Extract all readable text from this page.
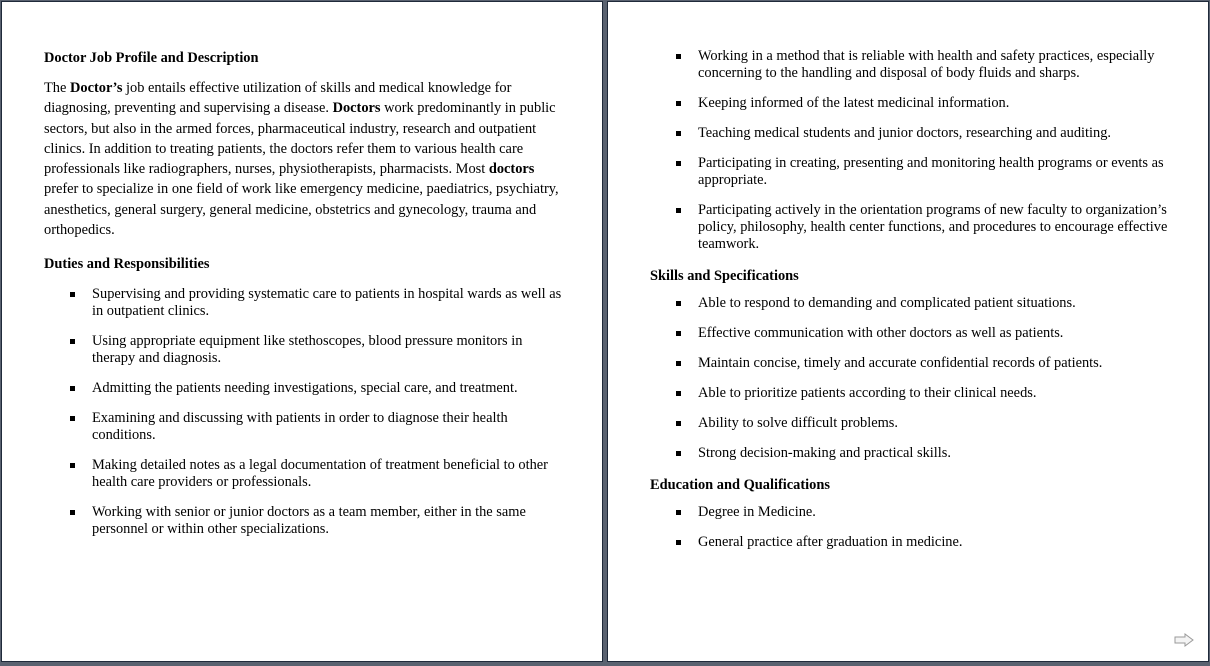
Doctor Job Profile and Description

The Doctor’s job entails effective utilization of skills and medical knowledge for diagnosing, preventing and supervising a disease. Doctors work predominantly in public sectors, but also in the armed forces, pharmaceutical industry, research and outpatient clinics. In addition to treating patients, the doctors refer them to various health care professionals like radiographers, nurses, physiotherapists, pharmacists. Most doctors prefer to specialize in one field of work like emergency medicine, paediatrics, psychiatry, anesthetics, general surgery, general medicine, obstetrics and gynecology, trauma and orthopedics.

Duties and Responsibilities
Supervising and providing systematic care to patients in hospital wards as well as in outpatient clinics.
Using appropriate equipment like stethoscopes, blood pressure monitors in therapy and diagnosis.
Admitting the patients needing investigations, special care, and treatment.
Examining and discussing with patients in order to diagnose their health conditions.
Making detailed notes as a legal documentation of treatment beneficial to other health care providers or professionals.
Working with senior or junior doctors as a team member, either in the same personnel or within other specializations.
Working in a method that is reliable with health and safety practices, especially concerning to the handling and disposal of body fluids and sharps.
Keeping informed of the latest medicinal information.
Teaching medical students and junior doctors, researching and auditing.
Participating in creating, presenting and monitoring health programs or events as appropriate.
Participating actively in the orientation programs of new faculty to organization’s policy, philosophy, health center functions, and procedures to encourage effective teamwork.
Skills and Specifications
Able to respond to demanding and complicated patient situations.
Effective communication with other doctors as well as patients.
Maintain concise, timely and accurate confidential records of patients.
Able to prioritize patients according to their clinical needs.
Ability to solve difficult problems.
Strong decision-making and practical skills.
Education and Qualifications
Degree in Medicine.
General practice after graduation in medicine.
